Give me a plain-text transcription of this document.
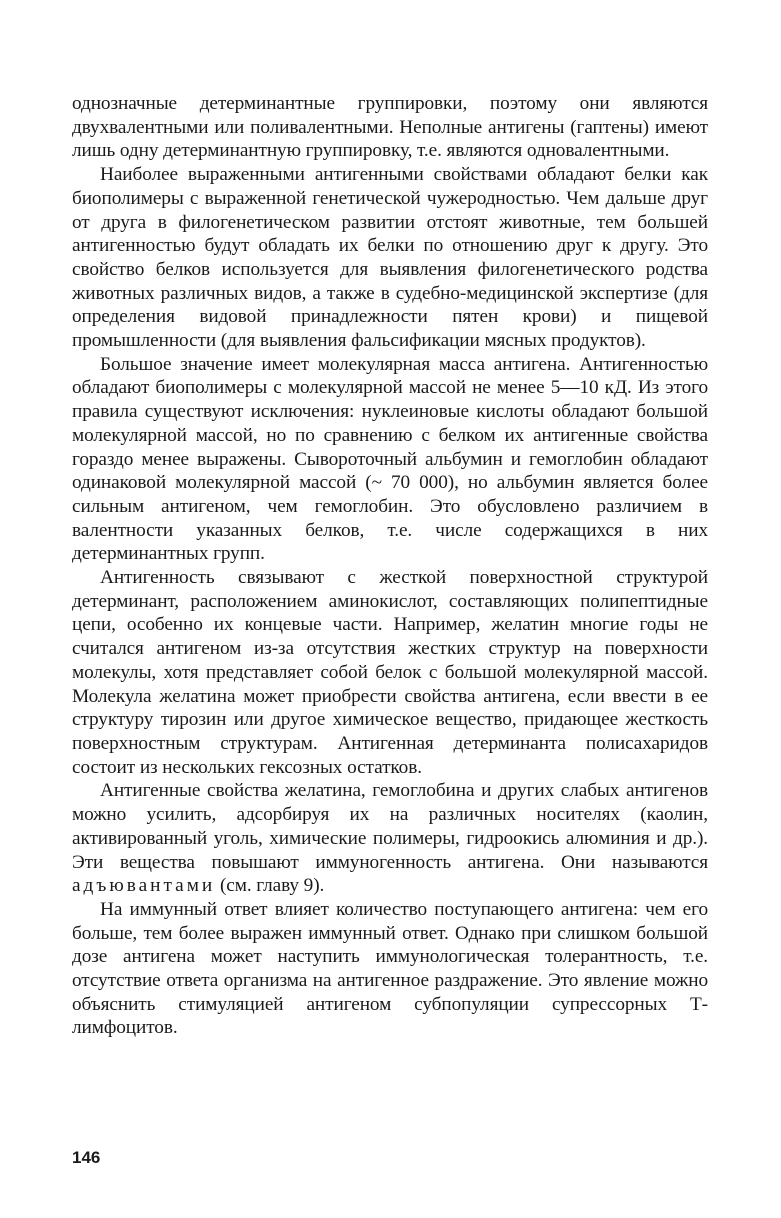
однозначные детерминантные группировки, поэтому они являются двухвалентными или поливалентными. Неполные антигены (гаптены) имеют лишь одну детерминантную группировку, т.е. являются одновалентными.

Наиболее выраженными антигенными свойствами обладают белки как биополимеры с выраженной генетической чужеродностью. Чем дальше друг от друга в филогенетическом развитии отстоят животные, тем большей антигенностью будут обладать их белки по отношению друг к другу. Это свойство белков используется для выявления филогенетического родства животных различных видов, а также в судебно-медицинской экспертизе (для определения видовой принадлежности пятен крови) и пищевой промышленности (для выявления фальсификации мясных продуктов).

Большое значение имеет молекулярная масса антигена. Антигенностью обладают биополимеры с молекулярной массой не менее 5—10 кД. Из этого правила существуют исключения: нуклеиновые кислоты обладают большой молекулярной массой, но по сравнению с белком их антигенные свойства гораздо менее выражены. Сывороточный альбумин и гемоглобин обладают одинаковой молекулярной массой (~ 70 000), но альбумин является более сильным антигеном, чем гемоглобин. Это обусловлено различием в валентности указанных белков, т.е. числе содержащихся в них детерминантных групп.

Антигенность связывают с жесткой поверхностной структурой детерминант, расположением аминокислот, составляющих полипептидные цепи, особенно их концевые части. Например, желатин многие годы не считался антигеном из-за отсутствия жестких структур на поверхности молекулы, хотя представляет собой белок с большой молекулярной массой. Молекула желатина может приобрести свойства антигена, если ввести в ее структуру тирозин или другое химическое вещество, придающее жесткость поверхностным структурам. Антигенная детерминанта полисахаридов состоит из нескольких гексозных остатков.

Антигенные свойства желатина, гемоглобина и других слабых антигенов можно усилить, адсорбируя их на различных носителях (каолин, активированный уголь, химические полимеры, гидроокись алюминия и др.). Эти вещества повышают иммуногенность антигена. Они называются адъювантами (см. главу 9).

На иммунный ответ влияет количество поступающего антигена: чем его больше, тем более выражен иммунный ответ. Однако при слишком большой дозе антигена может наступить иммунологическая толерантность, т.е. отсутствие ответа организма на антигенное раздражение. Это явление можно объяснить стимуляцией антигеном субпопуляции супрессорных Т-лимфоцитов.

146
